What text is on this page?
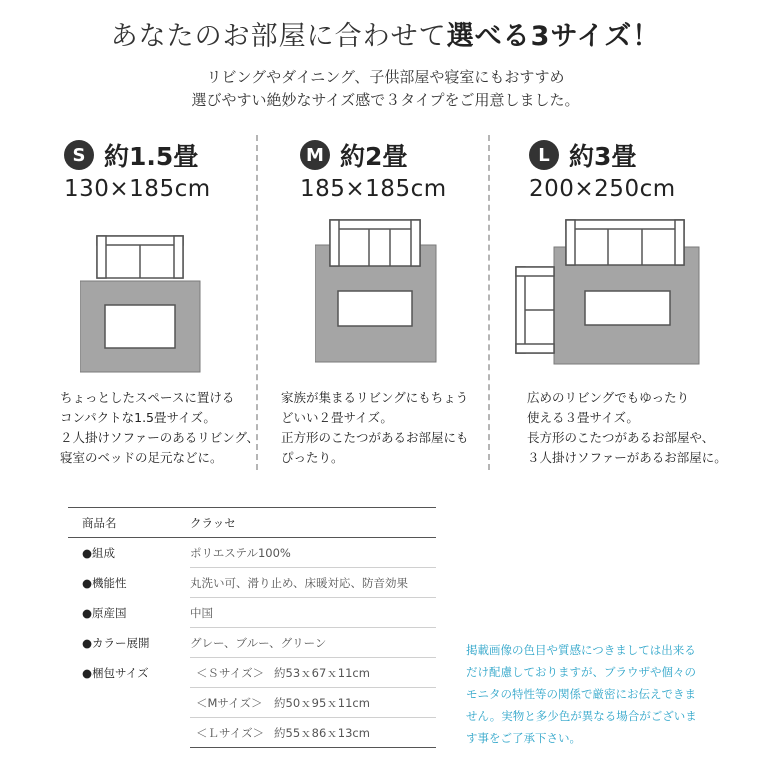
あなたのお部屋に合わせて選べる3サイズ！
リビングやダイニング、子供部屋や寝室にもおすすめ
選びやすい絶妙なサイズ感で３タイプをご用意しました。
S 約1.5畳
130×185cm
ちょっとしたスペースに置ける
コンパクトな1.5畳サイズ。
２人掛けソファーのあるリビング、
寝室のベッドの足元などに。
M 約2畳
185×185cm
家族が集まるリビングにもちょう
どいい２畳サイズ。
正方形のこたつがあるお部屋にも
ぴったり。
L 約3畳
200×250cm
広めのリビングでもゆったり
使える３畳サイズ。
長方形のこたつがあるお部屋や、
３人掛けソファーがあるお部屋に。
商品名	クラッセ
●組成	ポリエステル100%
●機能性	丸洗い可、滑り止め、床暖対応、防音効果
●原産国	中国
●カラー展開	グレー、ブルー、グリーン
●梱包サイズ	＜Ｓサイズ＞ 約53ｘ67ｘ11cm
	＜Mサイズ＞ 約50ｘ95ｘ11cm
	＜Ｌサイズ＞ 約55ｘ86ｘ13cm
掲載画像の色目や質感につきましては出来る
だけ配慮しておりますが、ブラウザや個々の
モニタの特性等の関係で厳密にお伝えできま
せん。実物と多少色が異なる場合がございま
す事をご了承下さい。
